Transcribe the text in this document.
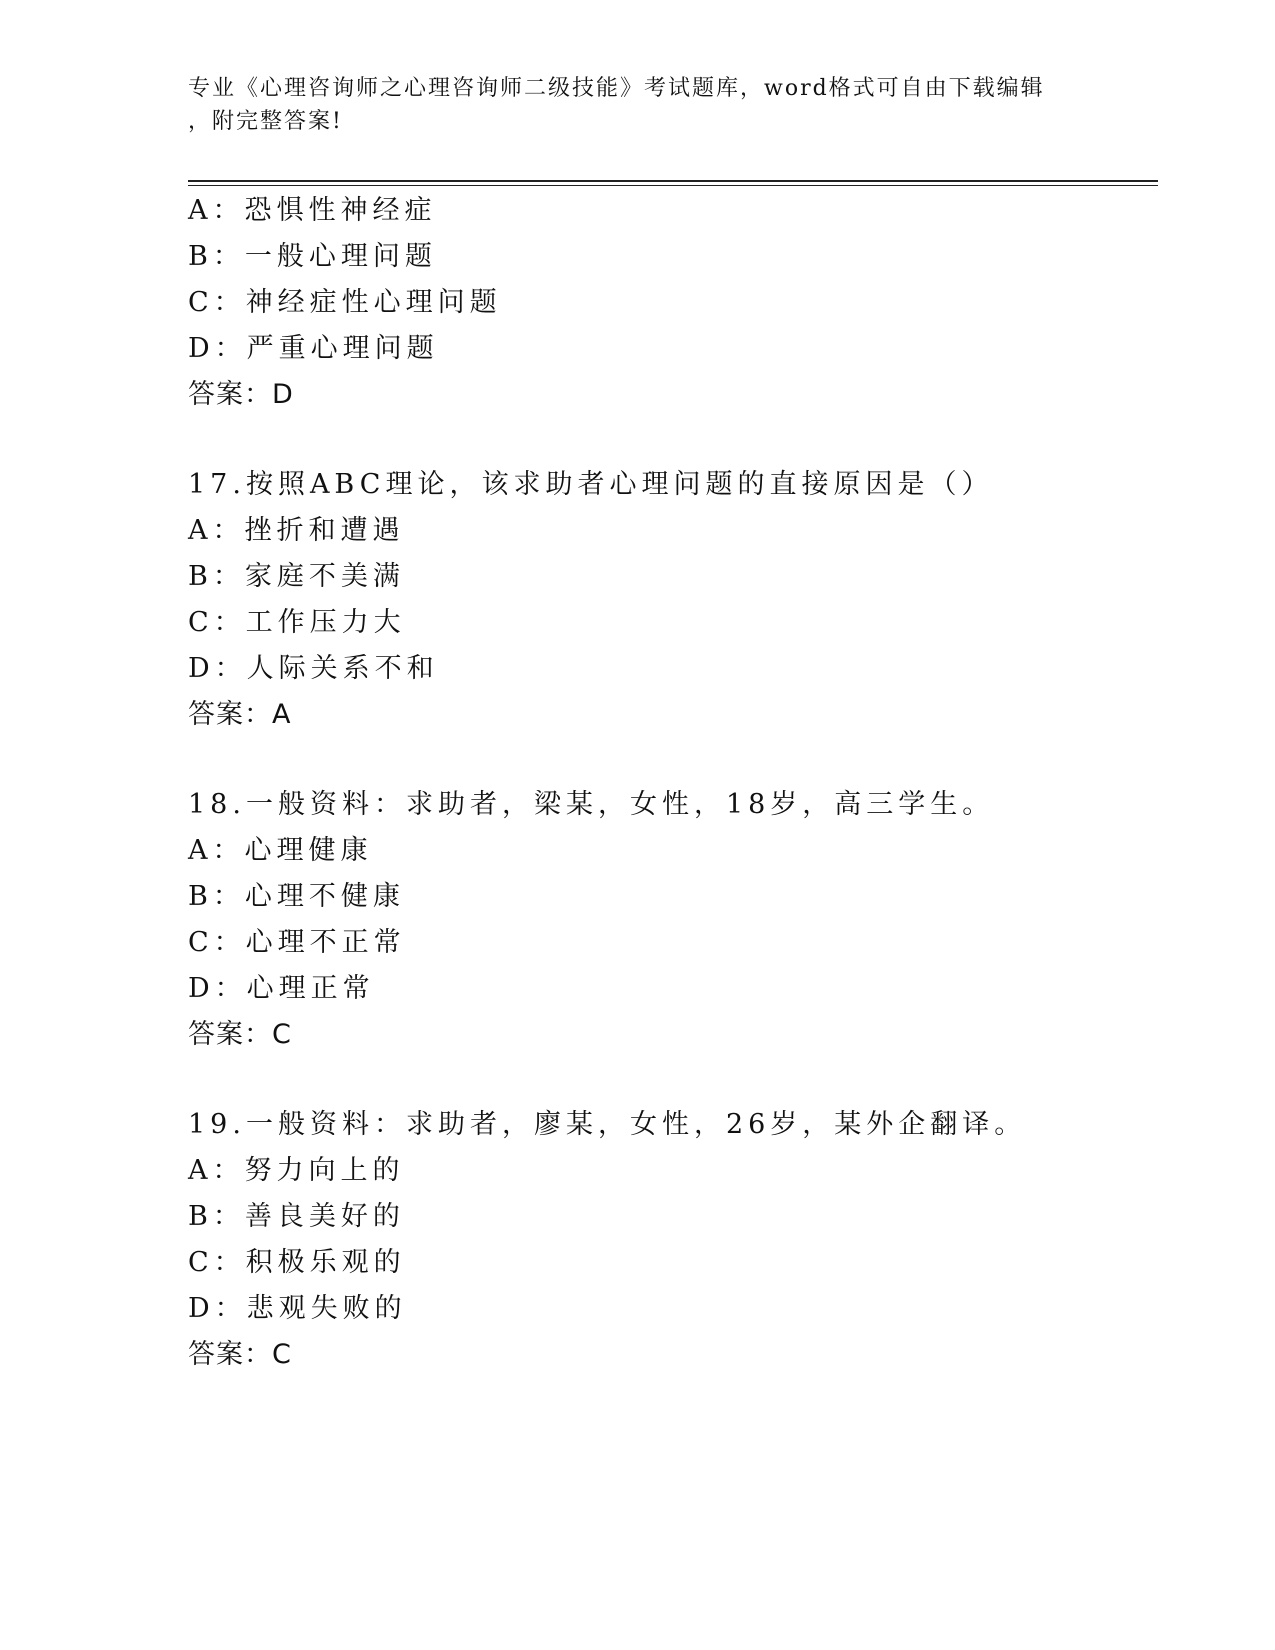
专业《心理咨询师之心理咨询师二级技能》考试题库，word格式可自由下载编辑
，附完整答案!
A：恐惧性神经症
B：一般心理问题
C：神经症性心理问题
D：严重心理问题
答案：D
17.按照ABC理论，该求助者心理问题的直接原因是（）
A：挫折和遭遇
B：家庭不美满
C：工作压力大
D：人际关系不和
答案：A
18.一般资料：求助者，梁某，女性，18岁，高三学生。
A：心理健康
B：心理不健康
C：心理不正常
D：心理正常
答案：C
19.一般资料：求助者，廖某，女性，26岁，某外企翻译。
A：努力向上的
B：善良美好的
C：积极乐观的
D：悲观失败的
答案：C
